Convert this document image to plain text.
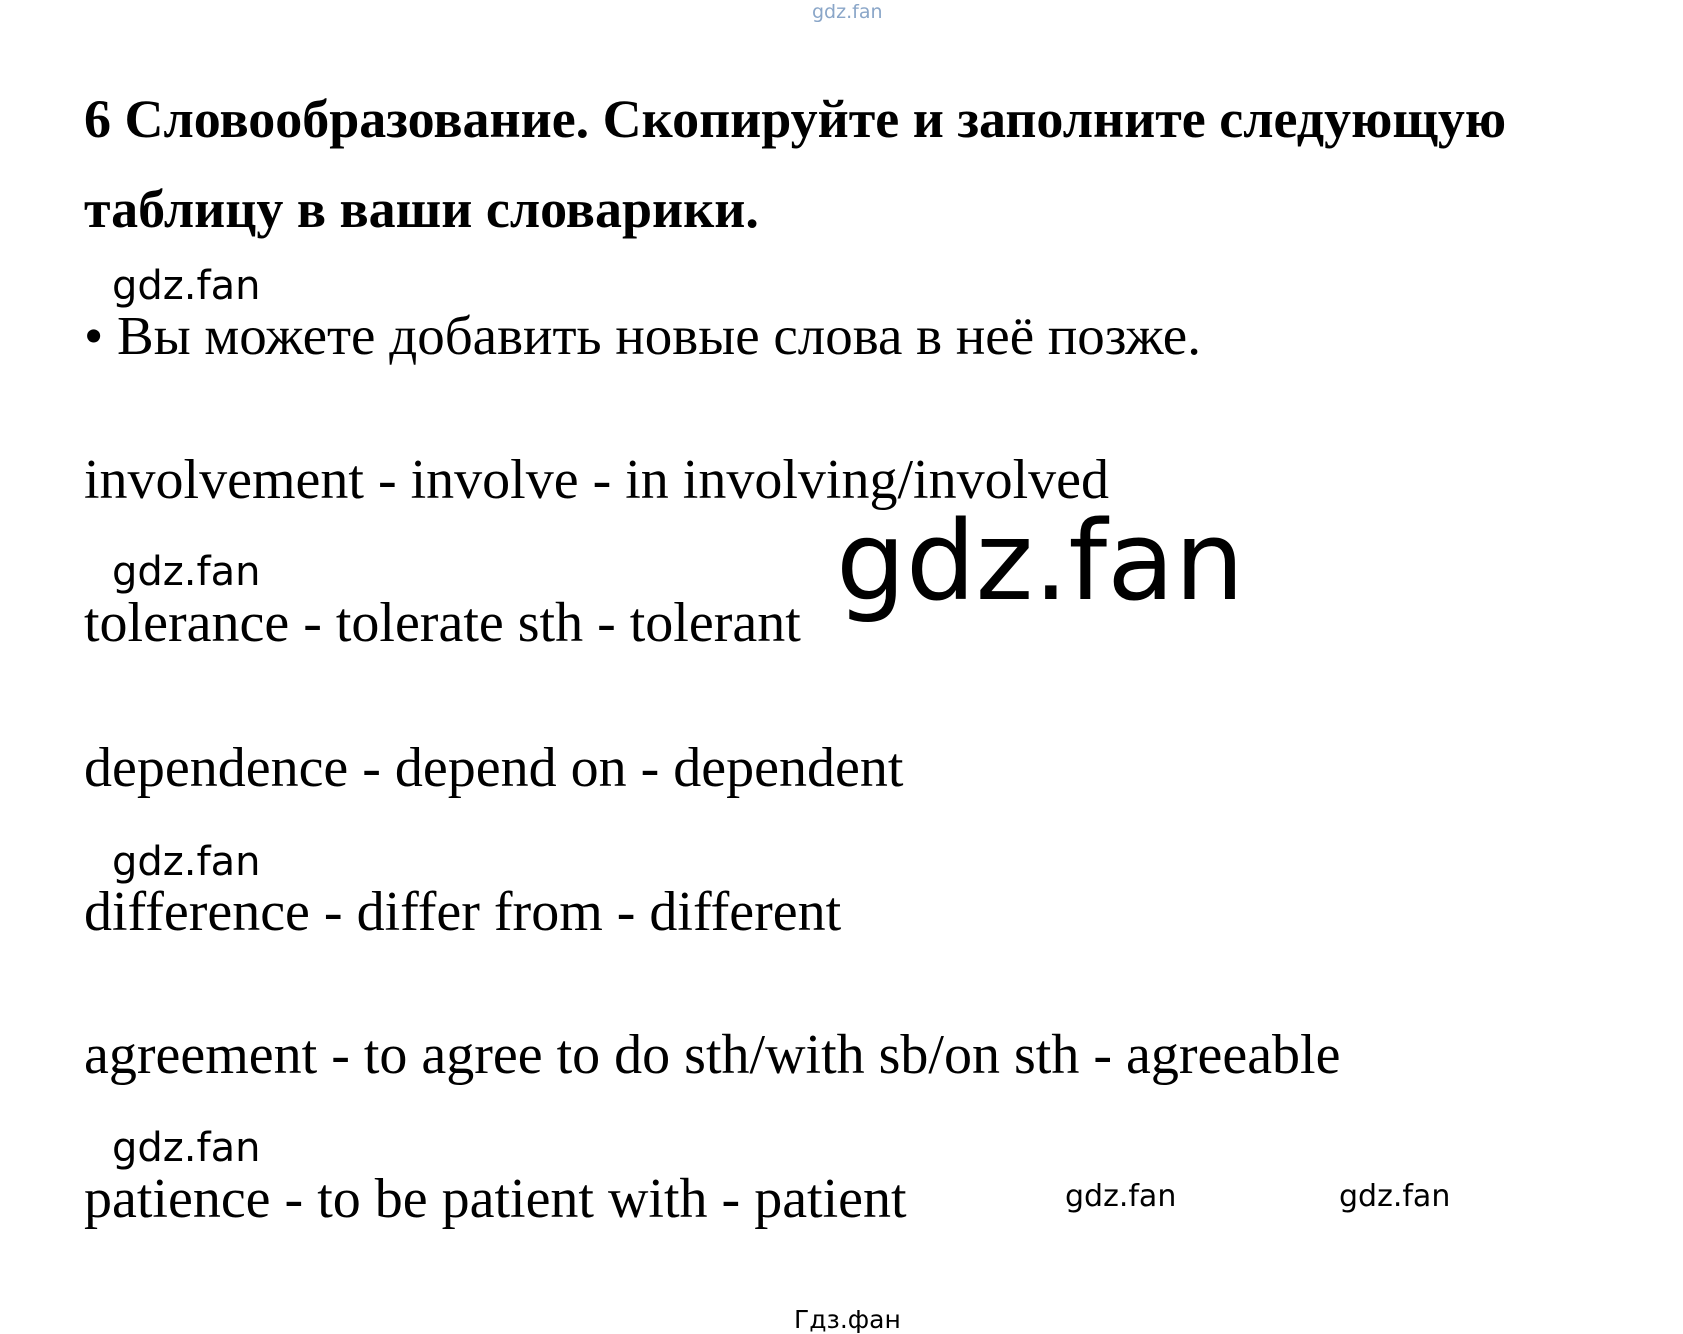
gdz.fan
6 Словообразование. Скопируйте и заполните следующую
таблицу в ваши словарики.
gdz.fan
• Вы можете добавить новые слова в неё позже.
involvement - involve - in involving/involved
gdz.fan
tolerance - tolerate sth - tolerant gdz.fan
dependence - depend on - dependent
gdz.fan
difference - differ from - different
agreement - to agree to do sth/with sb/on sth - agreeable
gdz.fan
patience - to be patient with - patient	gdz.fan	gdz.fan
Гдз.фан
